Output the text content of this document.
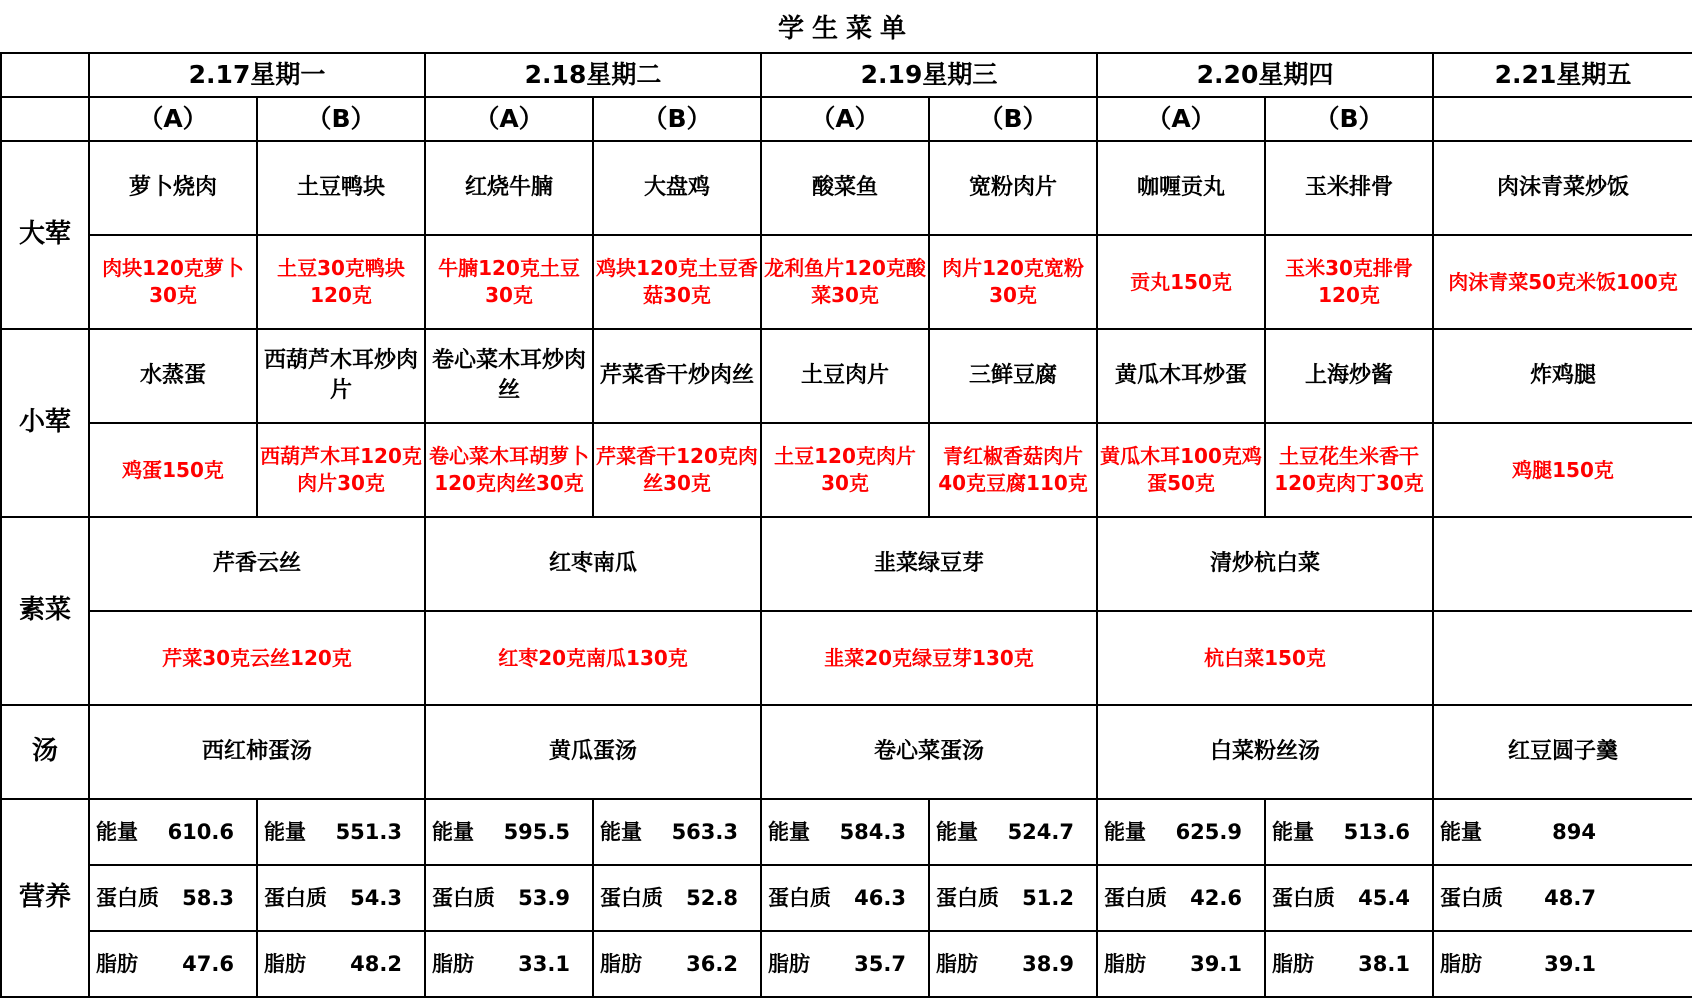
学生菜单
	2.17星期一		2.18星期二		2.19星期三		2.20星期四		2.21星期五
	（A）	（B）	（A）	（B）	（A）	（B）	（A）	（B）	
大荤	萝卜烧肉	土豆鸭块	红烧牛腩	大盘鸡	酸菜鱼	宽粉肉片	咖喱贡丸	玉米排骨	肉沫青菜炒饭
	肉块120克萝卜30克	土豆30克鸭块120克	牛腩120克土豆30克	鸡块120克土豆香菇30克	龙利鱼片120克酸菜30克	肉片120克宽粉30克	贡丸150克	玉米30克排骨120克	肉沫青菜50克米饭100克
小荤	水蒸蛋	西葫芦木耳炒肉片	卷心菜木耳炒肉丝	芹菜香干炒肉丝	土豆肉片	三鲜豆腐	黄瓜木耳炒蛋	上海炒酱	炸鸡腿
	鸡蛋150克	西葫芦木耳120克肉片30克	卷心菜木耳胡萝卜120克肉丝30克	芹菜香干120克肉丝30克	土豆120克肉片30克	青红椒香菇肉片40克豆腐110克	黄瓜木耳100克鸡蛋50克	土豆花生米香干120克肉丁30克	鸡腿150克
素菜	芹香云丝		红枣南瓜		韭菜绿豆芽		清炒杭白菜		
	芹菜30克云丝120克		红枣20克南瓜130克		韭菜20克绿豆芽130克		杭白菜150克		
汤	西红柿蛋汤		黄瓜蛋汤		卷心菜蛋汤		白菜粉丝汤		红豆圆子羹
营养	能量 610.6	能量 551.3	能量 595.5	能量 563.3	能量 584.3	能量 524.7	能量 625.9	能量 513.6	能量 894

	蛋白质 58.3	蛋白质 54.3	蛋白质 53.9	蛋白质 52.8	蛋白质 46.3	蛋白质 51.2	蛋白质 42.6	蛋白质 45.4	蛋白质 48.7

	脂肪 47.6	脂肪 48.2	脂肪 33.1	脂肪 36.2	脂肪 35.7	脂肪 38.9	脂肪 39.1	脂肪 38.1	脂肪 39.1
